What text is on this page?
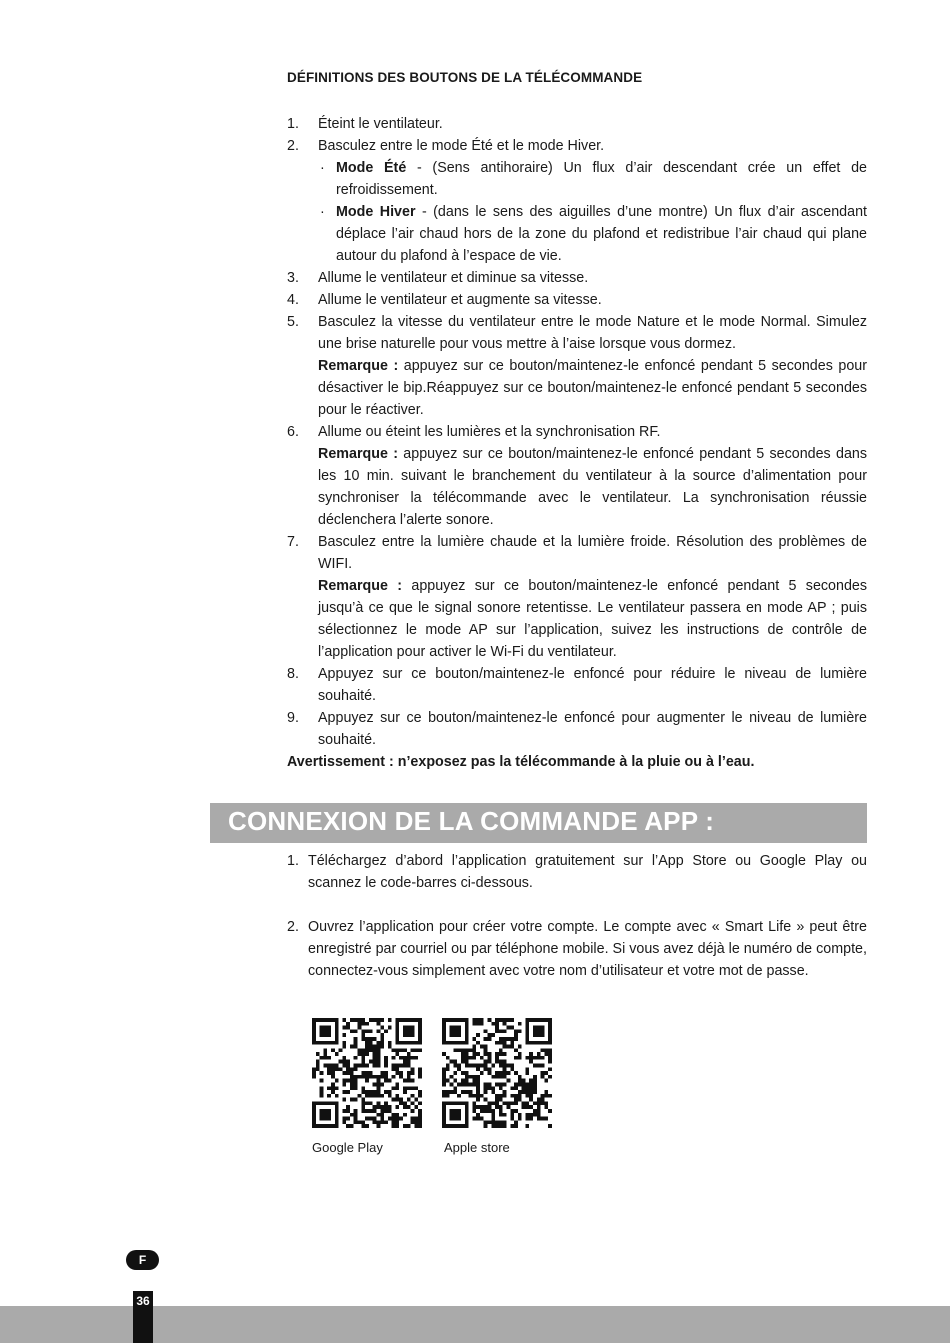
DÉFINITIONS DES BOUTONS DE LA TÉLÉCOMMANDE
1. Éteint le ventilateur.
2. Basculez entre le mode Été et le mode Hiver.
· Mode Été - (Sens antihoraire) Un flux d’air descendant crée un effet de refroidissement.
· Mode Hiver - (dans le sens des aiguilles d’une montre) Un flux d’air ascendant déplace l’air chaud hors de la zone du plafond et redistribue l’air chaud qui plane autour du plafond à l’espace de vie.
3. Allume le ventilateur et diminue sa vitesse.
4. Allume le ventilateur et augmente sa vitesse.
5. Basculez la vitesse du ventilateur entre le mode Nature et le mode Normal. Simulez une brise naturelle pour vous mettre à l’aise lorsque vous dormez.
Remarque : appuyez sur ce bouton/maintenez-le enfoncé pendant 5 secondes pour désactiver le bip.Réappuyez sur ce bouton/maintenez-le enfoncé pendant 5 secondes pour le réactiver.
6. Allume ou éteint les lumières et la synchronisation RF.
Remarque : appuyez sur ce bouton/maintenez-le enfoncé pendant 5 secondes dans les 10 min. suivant le branchement du ventilateur à la source d’alimentation pour synchroniser la télécommande avec le ventilateur. La synchronisation réussie déclenchera l’alerte sonore.
7. Basculez entre la lumière chaude et la lumière froide. Résolution des problèmes de WIFI.
Remarque : appuyez sur ce bouton/maintenez-le enfoncé pendant 5 secondes jusqu’à ce que le signal sonore retentisse. Le ventilateur passera en mode AP ; puis sélectionnez le mode AP sur l’application, suivez les instructions de contrôle de l’application pour activer le Wi-Fi du ventilateur.
8. Appuyez sur ce bouton/maintenez-le enfoncé pour réduire le niveau de lumière souhaité.
9. Appuyez sur ce bouton/maintenez-le enfoncé pour augmenter le niveau de lumière souhaité.
Avertissement : n’exposez pas la télécommande à la pluie ou à l’eau.
CONNEXION DE LA COMMANDE APP :
1. Téléchargez d’abord l’application gratuitement sur l’App Store ou Google Play ou scannez le code-barres ci-dessous.
2. Ouvrez l’application pour créer votre compte. Le compte avec « Smart Life » peut être enregistré par courriel ou par téléphone mobile. Si vous avez déjà le numéro de compte, connectez-vous simplement avec votre nom d’utilisateur et votre mot de passe.
Google Play	Apple store
F
36
